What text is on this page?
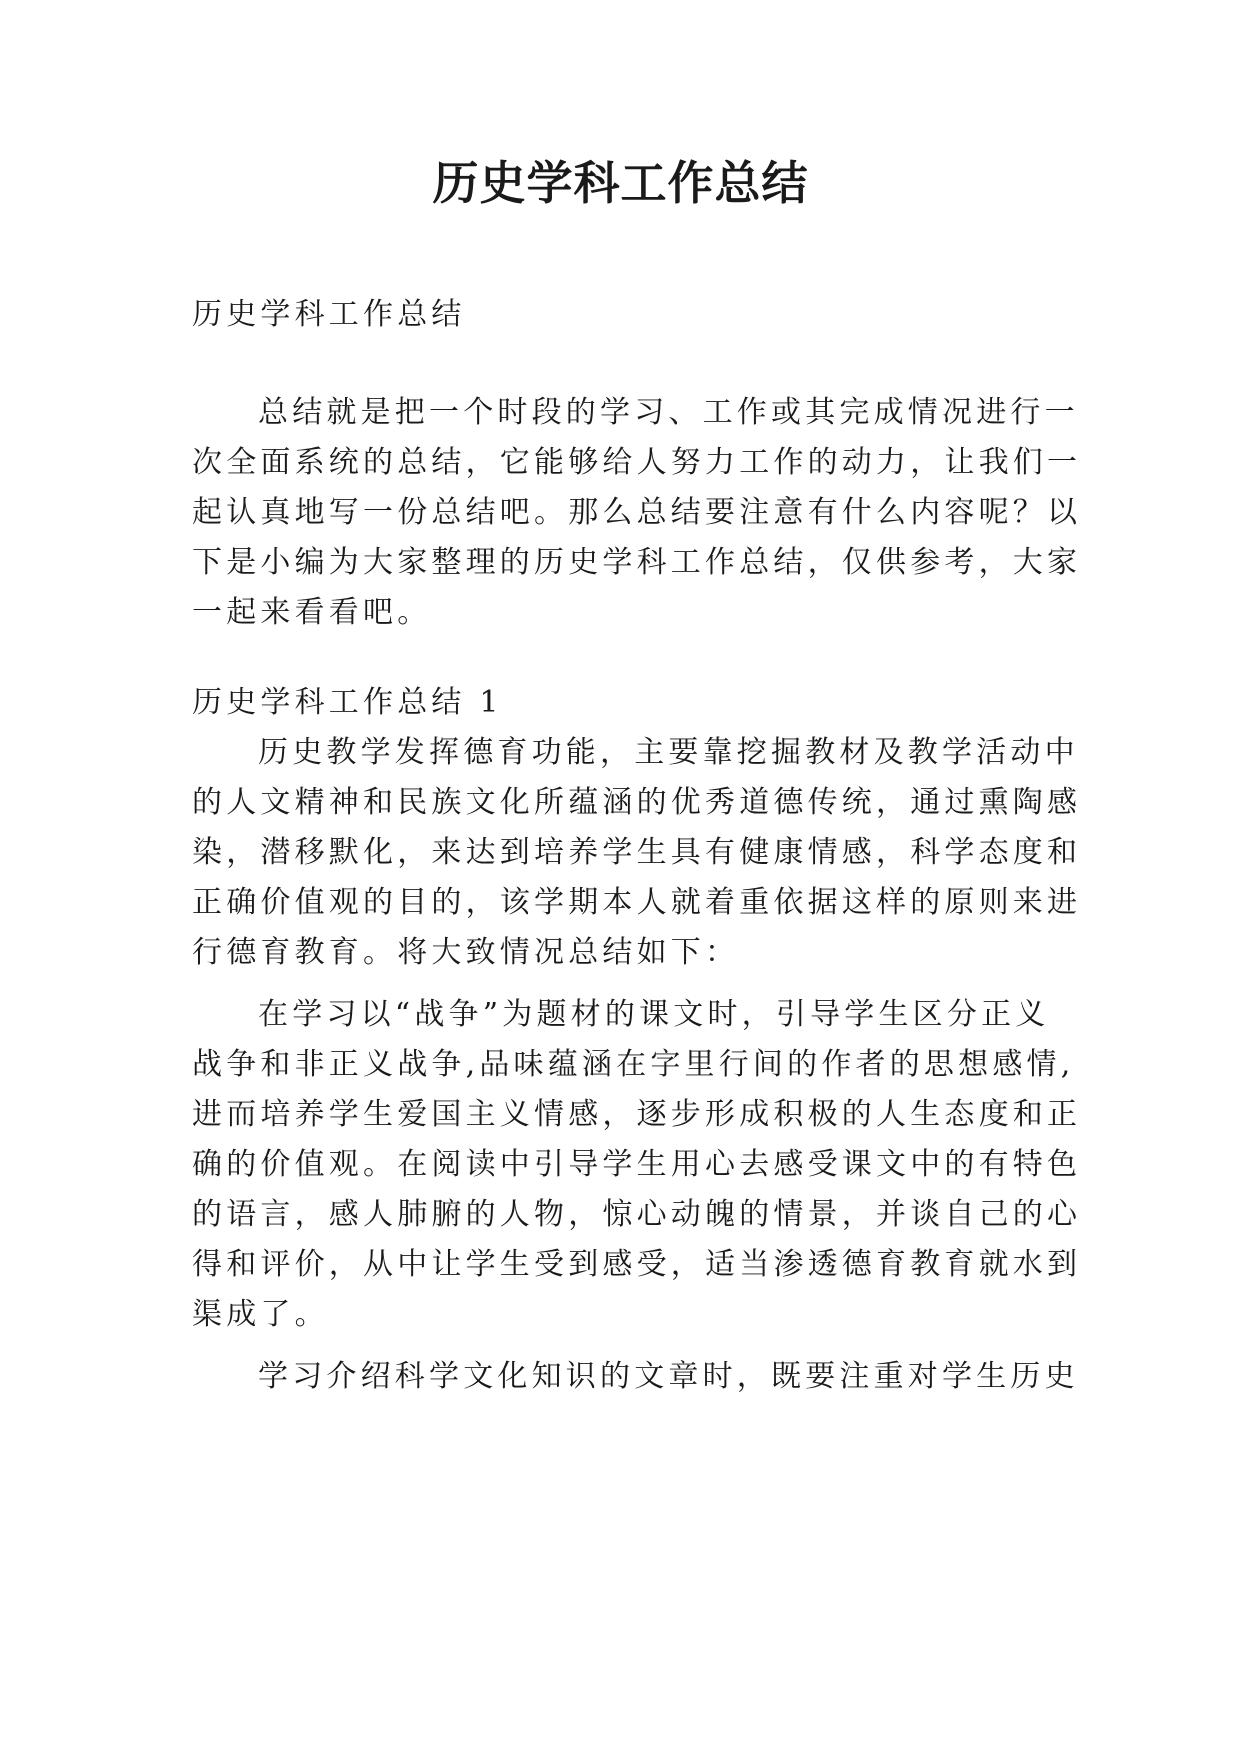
历史学科工作总结

历史学科工作总结

总结就是把一个时段的学习、工作或其完成情况进行一
次全面系统的总结，它能够给人努力工作的动力，让我们一
起认真地写一份总结吧。那么总结要注意有什么内容呢？以
下是小编为大家整理的历史学科工作总结，仅供参考，大家
一起来看看吧。

历史学科工作总结 1

历史教学发挥德育功能，主要靠挖掘教材及教学活动中
的人文精神和民族文化所蕴涵的优秀道德传统，通过熏陶感
染，潜移默化，来达到培养学生具有健康情感，科学态度和
正确价值观的目的，该学期本人就着重依据这样的原则来进
行德育教育。将大致情况总结如下：
在学习以“战争”为题材的课文时，引导学生区分正义
战争和非正义战争,品味蕴涵在字里行间的作者的思想感情,
进而培养学生爱国主义情感，逐步形成积极的人生态度和正
确的价值观。在阅读中引导学生用心去感受课文中的有特色
的语言，感人肺腑的人物，惊心动魄的情景，并谈自己的心
得和评价，从中让学生受到感受，适当渗透德育教育就水到
渠成了。
学习介绍科学文化知识的文章时，既要注重对学生历史
